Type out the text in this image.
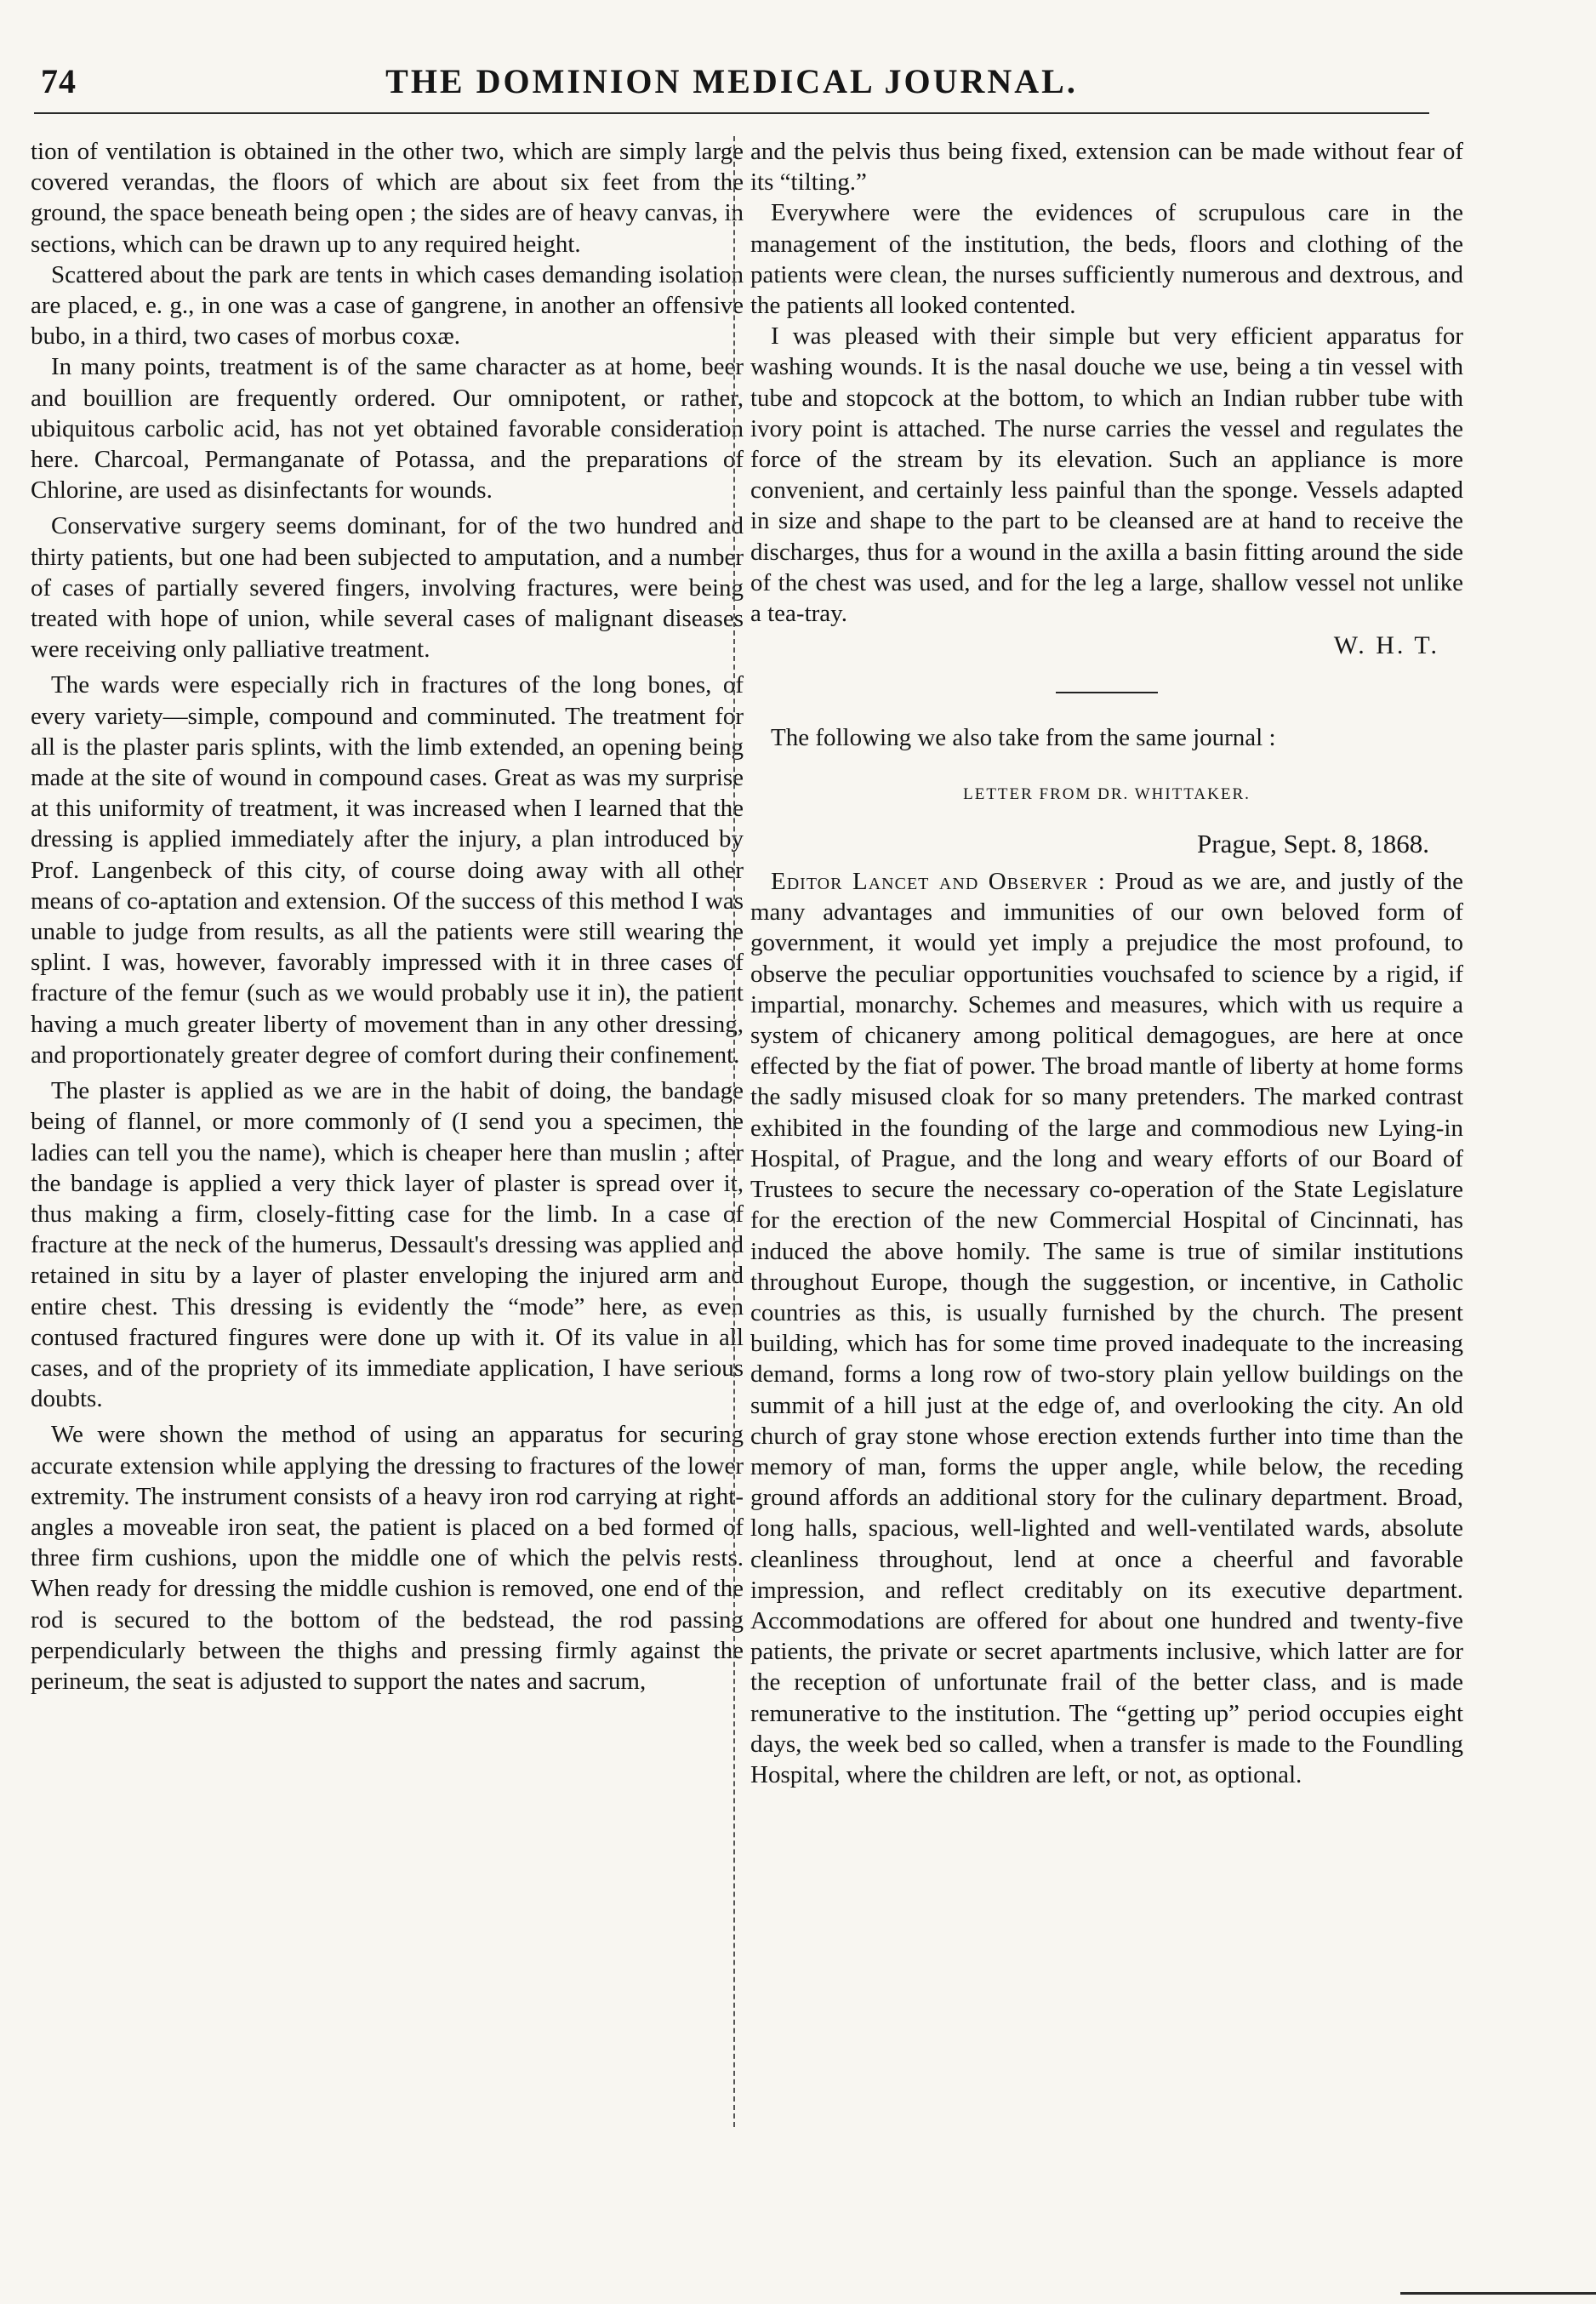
74	THE DOMINION MEDICAL JOURNAL.

tion of ventilation is obtained in the other two, which are simply large covered verandas, the floors of which are about six feet from the ground, the space beneath being open ; the sides are of heavy canvas, in sections, which can be drawn up to any required height.

Scattered about the park are tents in which cases demanding isolation are placed, e. g., in one was a case of gangrene, in another an offensive bubo, in a third, two cases of morbus coxæ.

In many points, treatment is of the same character as at home, beer and bouillion are frequently ordered. Our omnipotent, or rather, ubiquitous carbolic acid, has not yet obtained favorable consideration here. Charcoal, Permanganate of Potassa, and the preparations of Chlorine, are used as disinfectants for wounds.

Conservative surgery seems dominant, for of the two hundred and thirty patients, but one had been subjected to amputation, and a number of cases of partially severed fingers, involving fractures, were being treated with hope of union, while several cases of malignant diseases were receiving only palliative treatment.

The wards were especially rich in fractures of the long bones, of every variety—simple, compound and comminuted. The treatment for all is the plaster paris splints, with the limb extended, an opening being made at the site of wound in compound cases. Great as was my surprise at this uniformity of treatment, it was increased when I learned that the dressing is applied immediately after the injury, a plan introduced by Prof. Langenbeck of this city, of course doing away with all other means of co-aptation and extension. Of the success of this method I was unable to judge from results, as all the patients were still wearing the splint. I was, however, favorably impressed with it in three cases of fracture of the femur (such as we would probably use it in), the patient having a much greater liberty of movement than in any other dressing, and proportionately greater degree of comfort during their confinement.

The plaster is applied as we are in the habit of doing, the bandage being of flannel, or more commonly of (I send you a specimen, the ladies can tell you the name), which is cheaper here than muslin ; after the bandage is applied a very thick layer of plaster is spread over it, thus making a firm, closely-fitting case for the limb. In a case of fracture at the neck of the humerus, Dessault's dressing was applied and retained in situ by a layer of plaster enveloping the injured arm and entire chest. This dressing is evidently the “mode” here, as even contused fractured fingures were done up with it. Of its value in all cases, and of the propriety of its immediate application, I have serious doubts.

We were shown the method of using an apparatus for securing accurate extension while applying the dressing to fractures of the lower extremity. The instrument consists of a heavy iron rod carrying at right-angles a moveable iron seat, the patient is placed on a bed formed of three firm cushions, upon the middle one of which the pelvis rests. When ready for dressing the middle cushion is removed, one end of the rod is secured to the bottom of the bedstead, the rod passing perpendicularly between the thighs and pressing firmly against the perineum, the seat is adjusted to support the nates and sacrum,

and the pelvis thus being fixed, extension can be made without fear of its “tilting.”

Everywhere were the evidences of scrupulous care in the management of the institution, the beds, floors and clothing of the patients were clean, the nurses sufficiently numerous and dextrous, and the patients all looked contented.

I was pleased with their simple but very efficient apparatus for washing wounds. It is the nasal douche we use, being a tin vessel with tube and stopcock at the bottom, to which an Indian rubber tube with ivory point is attached. The nurse carries the vessel and regulates the force of the stream by its elevation. Such an appliance is more convenient, and certainly less painful than the sponge. Vessels adapted in size and shape to the part to be cleansed are at hand to receive the discharges, thus for a wound in the axilla a basin fitting around the side of the chest was used, and for the leg a large, shallow vessel not unlike a tea-tray.

W. H. T.

The following we also take from the same journal :

LETTER FROM DR. WHITTAKER.
Prague, Sept. 8, 1868.

Editor Lancet and Observer : Proud as we are, and justly of the many advantages and immunities of our own beloved form of government, it would yet imply a prejudice the most profound, to observe the peculiar opportunities vouchsafed to science by a rigid, if impartial, monarchy. Schemes and measures, which with us require a system of chicanery among political demagogues, are here at once effected by the fiat of power. The broad mantle of liberty at home forms the sadly misused cloak for so many pretenders. The marked contrast exhibited in the founding of the large and commodious new Lying-in Hospital, of Prague, and the long and weary efforts of our Board of Trustees to secure the necessary co-operation of the State Legislature for the erection of the new Commercial Hospital of Cincinnati, has induced the above homily. The same is true of similar institutions throughout Europe, though the suggestion, or incentive, in Catholic countries as this, is usually furnished by the church. The present building, which has for some time proved inadequate to the increasing demand, forms a long row of two-story plain yellow buildings on the summit of a hill just at the edge of, and overlooking the city. An old church of gray stone whose erection extends further into time than the memory of man, forms the upper angle, while below, the receding ground affords an additional story for the culinary department. Broad, long halls, spacious, well-lighted and well-ventilated wards, absolute cleanliness throughout, lend at once a cheerful and favorable impression, and reflect creditably on its executive department. Accommodations are offered for about one hundred and twenty-five patients, the private or secret apartments inclusive, which latter are for the reception of unfortunate frail of the better class, and is made remunerative to the institution. The “getting up” period occupies eight days, the week bed so called, when a transfer is made to the Foundling Hospital, where the children are left, or not, as optional.
